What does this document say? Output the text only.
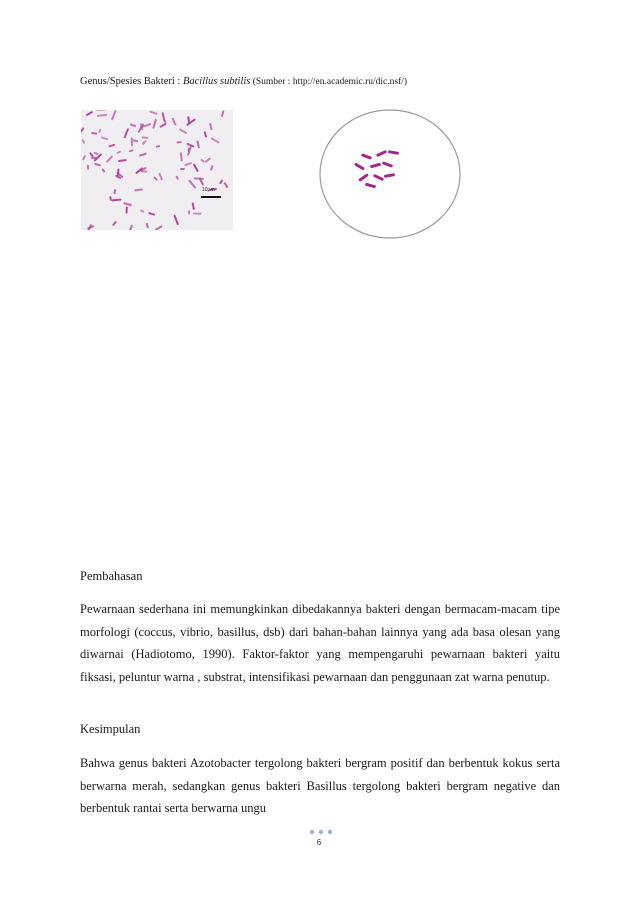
Genus/Spesies Bakteri : Bacillus subtilis (Sumber : http://en.academic.ru/dic.nsf/)
10µm
Pembahasan
Pewarnaan sederhana ini memungkinkan dibedakannya bakteri dengan bermacam-macam tipe morfologi (coccus, vibrio, basillus, dsb) dari bahan-bahan lainnya yang ada basa olesan yang diwarnai (Hadiotomo, 1990). Faktor-faktor yang mempengaruhi pewarnaan bakteri yaitu fiksasi, peluntur warna , substrat, intensifikasi pewarnaan dan penggunaan zat warna penutup.
Kesimpulan
Bahwa genus bakteri Azotobacter tergolong bakteri bergram positif dan berbentuk kokus serta berwarna merah, sedangkan genus bakteri Basillus tergolong bakteri bergram negative dan berbentuk rantai serta berwarna ungu
6
